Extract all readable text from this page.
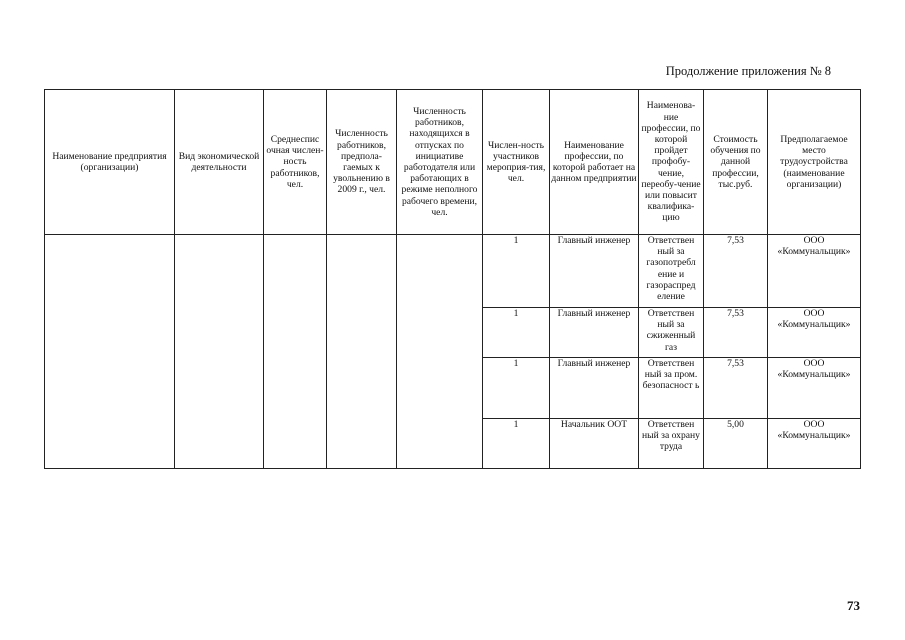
Продолжение приложения № 8
Наименование предприятия (организации)	Вид экономической деятельности	Среднеспис очная числен-ность работников, чел.	Численность работников, предпола-гаемых к увольнению в 2009 г., чел.	Численность работников, находящихся в отпусках по инициативе работодателя или работающих в режиме неполного рабочего времени, чел.	Числен-ность участников мероприя-тия, чел.	Наименование профессии, по которой работает на данном предприятии	Наименова-ние профессии, по которой пройдет профобу-чение, переобу-чение или повысит квалифика-цию	Стоимость обучения по данной профессии, тыс.руб.	Предполагаемое место трудоустройства (наименование организации)
					1	Главный инженер	Ответствен ный за газопотребл ение и газораспред еление	7,53	ООО «Коммунальщик»
					1	Главный инженер	Ответствен ный за сжиженный газ	7,53	ООО «Коммунальщик»
					1	Главный инженер	Ответствен ный за пром. безопасност ь	7,53	ООО «Коммунальщик»
					1	Начальник ООТ	Ответствен ный за охрану труда	5,00	ООО «Коммунальщик»
73
